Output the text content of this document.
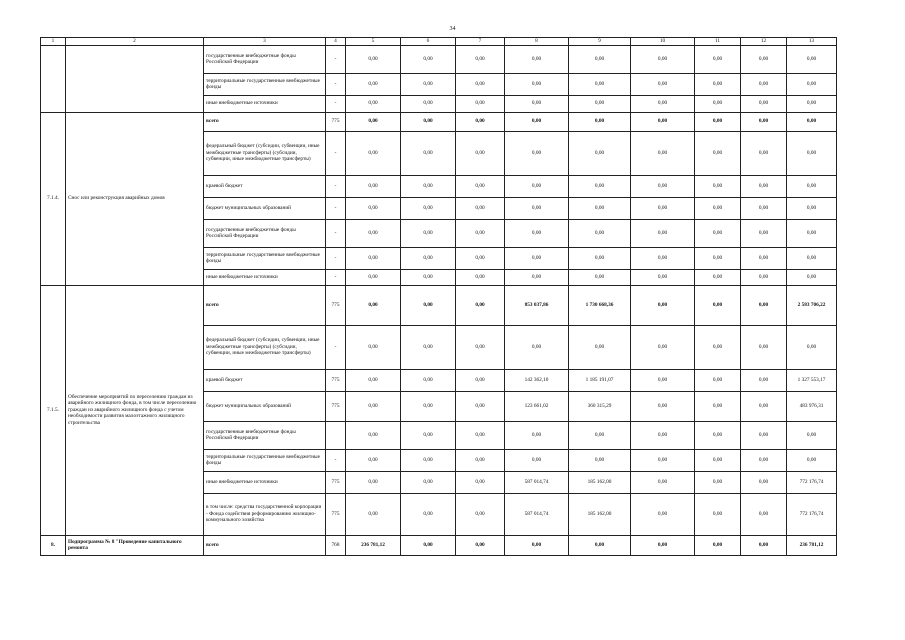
34
1	2	3	4	5	6	7	8	9	10	11	12	13
		государственные внебюджетные фонды Российской Федерации	-	0,00	0,00	0,00	0,00	0,00	0,00	0,00	0,00	0,00
		территориальные государственные внебюджетные фонды	-	0,00	0,00	0,00	0,00	0,00	0,00	0,00	0,00	0,00
		иные внебюджетные источники	-	0,00	0,00	0,00	0,00	0,00	0,00	0,00	0,00	0,00
7.1.4.	Снос или реконструкция аварийных домов	всего	775	0,00	0,00	0,00	0,00	0,00	0,00	0,00	0,00	0,00
		федеральный бюджет (субсидии, субвенции, иные межбюджетные трансферты) (субсидии, субвенции, иные межбюджетные трансферты)	-	0,00	0,00	0,00	0,00	0,00	0,00	0,00	0,00	0,00
		краевой бюджет	-	0,00	0,00	0,00	0,00	0,00	0,00	0,00	0,00	0,00
		бюджет муниципальных образований	-	0,00	0,00	0,00	0,00	0,00	0,00	0,00	0,00	0,00
		государственные внебюджетные фонды Российской Федерации	-	0,00	0,00	0,00	0,00	0,00	0,00	0,00	0,00	0,00
		территориальные государственные внебюджетные фонды	-	0,00	0,00	0,00	0,00	0,00	0,00	0,00	0,00	0,00
		иные внебюджетные источники	-	0,00	0,00	0,00	0,00	0,00	0,00	0,00	0,00	0,00
7.1.5.	Обеспечение мероприятий по переселению граждан из аварийного жилищного фонда, в том числе переселению граждан из аварийного жилищного фонда с учетом необходимости развития малоэтажного жилищного строительства	всего	775	0,00	0,00	0,00	853 037,86	1 730 668,36	0,00	0,00	0,00	2 583 706,22
		федеральный бюджет (субсидии, субвенции, иные межбюджетные трансферты) (субсидии, субвенции, иные межбюджетные трансферты)	-	0,00	0,00	0,00	0,00	0,00	0,00	0,00	0,00	0,00
		краевой бюджет	775	0,00	0,00	0,00	142 362,10	1 185 191,07	0,00	0,00	0,00	1 327 553,17
		бюджет муниципальных образований	775	0,00	0,00	0,00	123 661,02	360 315,29	0,00	0,00	0,00	483 976,31
		государственные внебюджетные фонды Российской Федерации		0,00	0,00	0,00	0,00	0,00	0,00	0,00	0,00	0,00
		территориальные государственные внебюджетные фонды	-	0,00	0,00	0,00	0,00	0,00	0,00	0,00	0,00	0,00
		иные внебюджетные источники	775	0,00	0,00	0,00	587 014,74	185 162,00	0,00	0,00	0,00	772 176,74
		в том числе: средства государственной корпорации - Фонда содействия реформированию жилищно-коммунального хозяйства	775	0,00	0,00	0,00	587 014,74	185 162,00	0,00	0,00	0,00	772 176,74
8.	Подпрограмма № 8 "Проведение капитального ремонта	всего	768	236 781,12	0,00	0,00	0,00	0,00	0,00	0,00	0,00	236 781,12
